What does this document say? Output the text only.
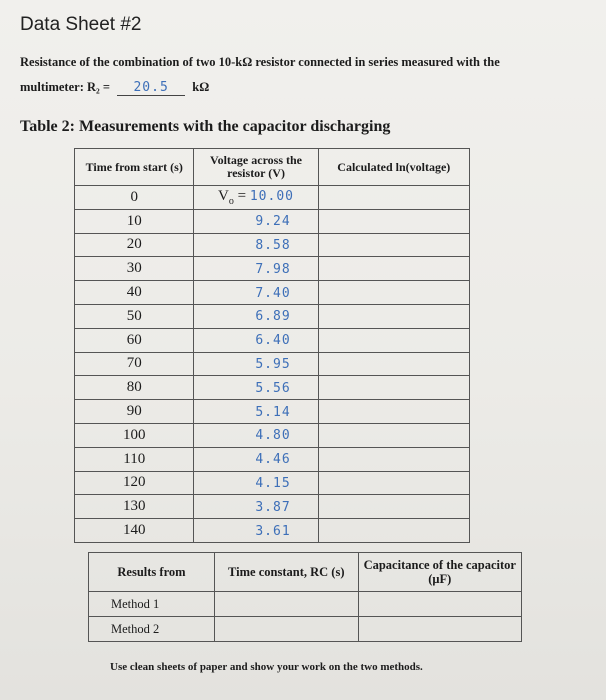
Data Sheet #2
Resistance of the combination of two 10-kΩ resistor connected in series measured with the
multimeter: R₂ = 20.5 kΩ
Table 2: Measurements with the capacitor discharging
Time from start (s)	Voltage across the resistor (V)	Calculated ln(voltage)
0	$V_o = 10.00$	
10	9.24	
20	8.58	
30	7.98	
40	7.40	
50	6.89	
60	6.40	
70	5.95	
80	5.56	
90	5.14	
100	4.80	
110	4.46	
120	4.15	
130	3.87	
140	3.61	
Results from	Time constant, RC (s)	Capacitance of the capacitor (μF)
Method 1		
Method 2		
Use clean sheets of paper and show your work on the two methods.
